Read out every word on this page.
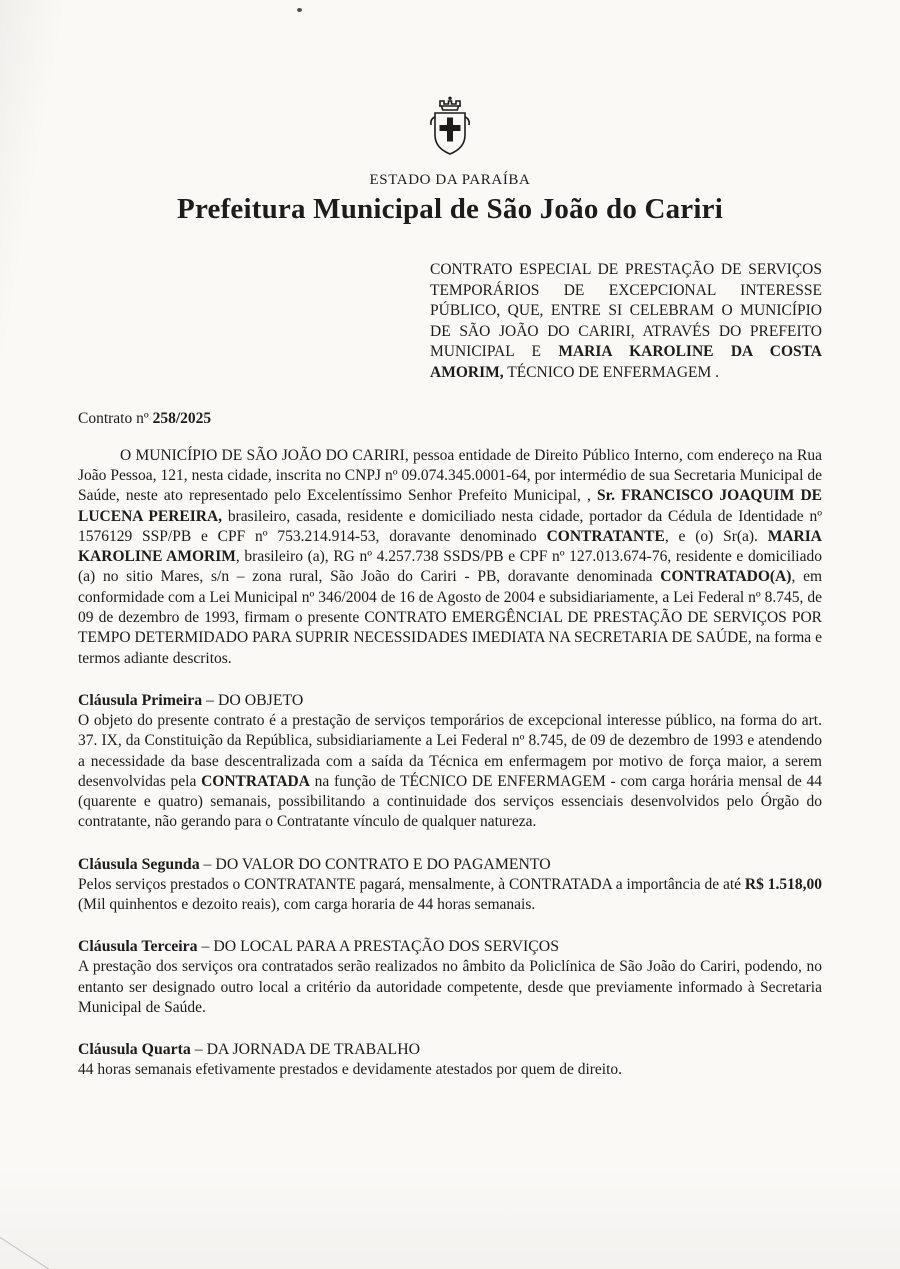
ESTADO DA PARAÍBA
Prefeitura Municipal de São João do Cariri
CONTRATO ESPECIAL DE PRESTAÇÃO DE SERVIÇOS TEMPORÁRIOS DE EXCEPCIONAL INTERESSE PÚBLICO, QUE, ENTRE SI CELEBRAM O MUNICÍPIO DE SÃO JOÃO DO CARIRI, ATRAVÉS DO PREFEITO MUNICIPAL E MARIA KAROLINE DA COSTA AMORIM, TÉCNICO DE ENFERMAGEM .
Contrato nº 258/2025

O MUNICÍPIO DE SÃO JOÃO DO CARIRI, pessoa entidade de Direito Público Interno, com endereço na Rua João Pessoa, 121, nesta cidade, inscrita no CNPJ nº 09.074.345.0001-64, por intermédio de sua Secretaria Municipal de Saúde, neste ato representado pelo Excelentíssimo Senhor Prefeito Municipal, , Sr. FRANCISCO JOAQUIM DE LUCENA PEREIRA, brasileiro, casada, residente e domiciliado nesta cidade, portador da Cédula de Identidade nº 1576129 SSP/PB e CPF nº 753.214.914-53, doravante denominado CONTRATANTE, e (o) Sr(a). MARIA KAROLINE AMORIM, brasileiro (a), RG nº 4.257.738 SSDS/PB e CPF nº 127.013.674-76, residente e domiciliado (a) no sitio Mares, s/n – zona rural, São João do Cariri - PB, doravante denominada CONTRATADO(A), em conformidade com a Lei Municipal nº 346/2004 de 16 de Agosto de 2004 e subsidiariamente, a Lei Federal nº 8.745, de 09 de dezembro de 1993, firmam o presente CONTRATO EMERGÊNCIAL DE PRESTAÇÃO DE SERVIÇOS POR TEMPO DETERMIDADO PARA SUPRIR NECESSIDADES IMEDIATA NA SECRETARIA DE SAÚDE, na forma e termos adiante descritos.

Cláusula Primeira – DO OBJETO

O objeto do presente contrato é a prestação de serviços temporários de excepcional interesse público, na forma do art. 37. IX, da Constituição da República, subsidiariamente a Lei Federal nº 8.745, de 09 de dezembro de 1993 e atendendo a necessidade da base descentralizada com a saída da Técnica em enfermagem por motivo de força maior, a serem desenvolvidas pela CONTRATADA na função de TÉCNICO DE ENFERMAGEM - com carga horária mensal de 44 (quarente e quatro) semanais, possibilitando a continuidade dos serviços essenciais desenvolvidos pelo Órgão do contratante, não gerando para o Contratante vínculo de qualquer natureza.

Cláusula Segunda – DO VALOR DO CONTRATO E DO PAGAMENTO

Pelos serviços prestados o CONTRATANTE pagará, mensalmente, à CONTRATADA a importância de até R$ 1.518,00 (Mil quinhentos e dezoito reais), com carga horaria de 44 horas semanais.

Cláusula Terceira – DO LOCAL PARA A PRESTAÇÃO DOS SERVIÇOS

A prestação dos serviços ora contratados serão realizados no âmbito da Policlínica de São João do Cariri, podendo, no entanto ser designado outro local a critério da autoridade competente, desde que previamente informado à Secretaria Municipal de Saúde.

Cláusula Quarta – DA JORNADA DE TRABALHO

44 horas semanais efetivamente prestados e devidamente atestados por quem de direito.
